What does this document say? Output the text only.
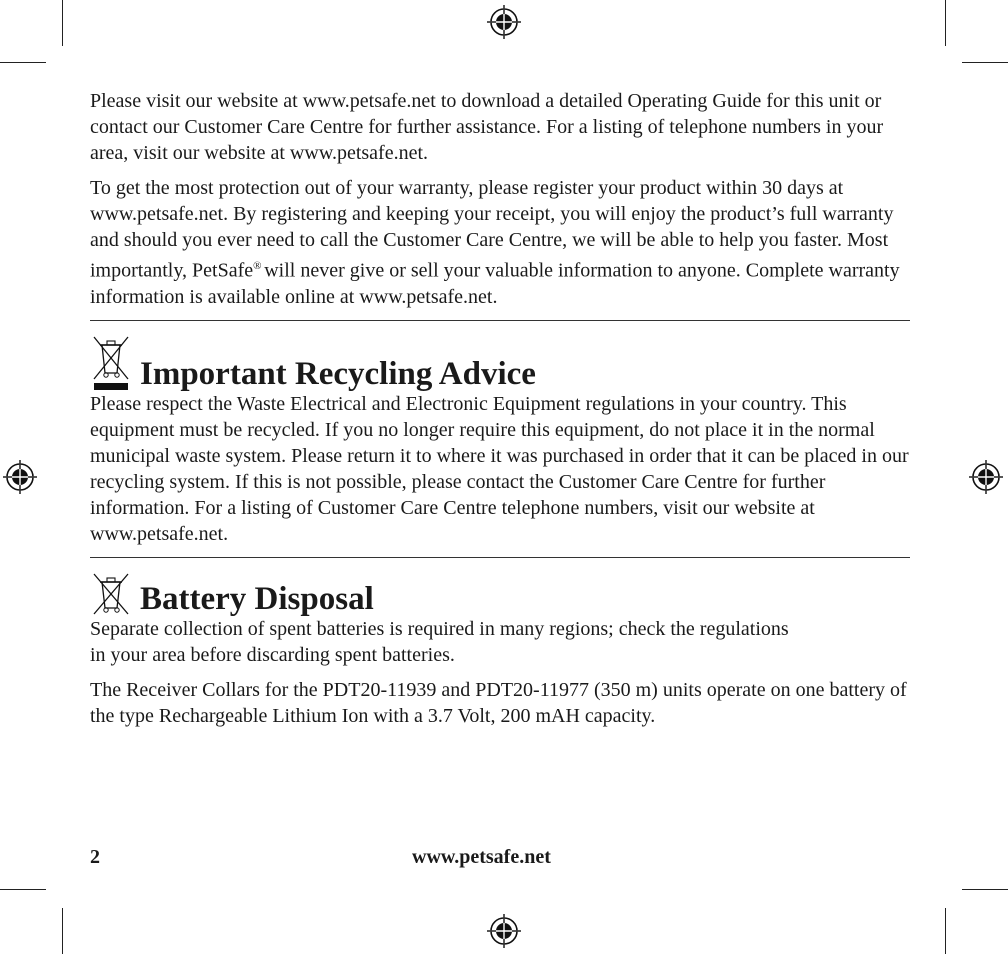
Please visit our website at www.petsafe.net to download a detailed Operating Guide for this unit or contact our Customer Care Centre for further assistance. For a listing of telephone numbers in your area, visit our website at www.petsafe.net.

To get the most protection out of your warranty, please register your product within 30 days at www.petsafe.net. By registering and keeping your receipt, you will enjoy the product’s full warranty and should you ever need to call the Customer Care Centre, we will be able to help you faster. Most importantly, PetSafe® will never give or sell your valuable information to anyone. Complete warranty information is available online at www.petsafe.net.

Important Recycling Advice

Please respect the Waste Electrical and Electronic Equipment regulations in your country. This equipment must be recycled. If you no longer require this equipment, do not place it in the normal municipal waste system. Please return it to where it was purchased in order that it can be placed in our recycling system. If this is not possible, please contact the Customer Care Centre for further information. For a listing of Customer Care Centre telephone numbers, visit our website at www.petsafe.net.

Battery Disposal

Separate collection of spent batteries is required in many regions; check the regulations in your area before discarding spent batteries.

The Receiver Collars for the PDT20-11939 and PDT20-11977 (350 m) units operate on one battery of the type Rechargeable Lithium Ion with a 3.7 Volt, 200 mAH capacity.

2	www.petsafe.net
